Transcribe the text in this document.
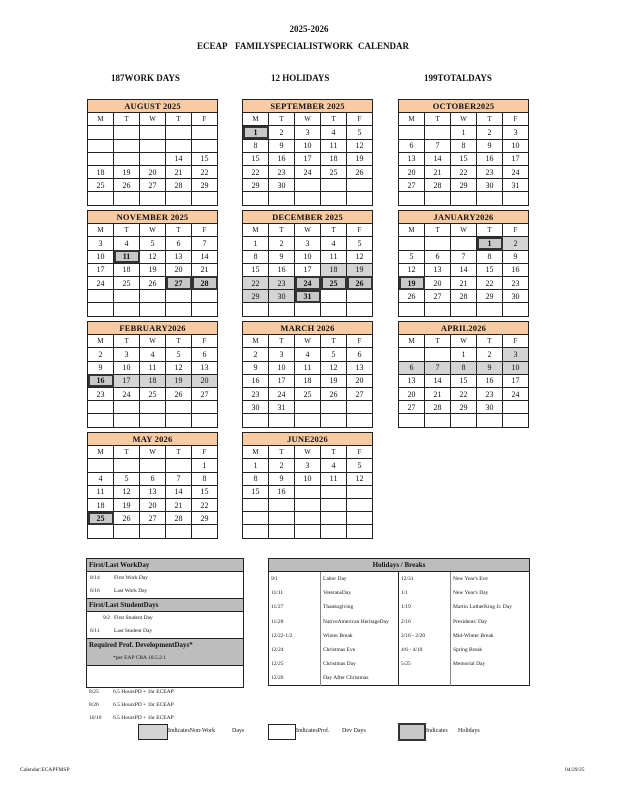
2025-2026
ECEAP FAMILYSPECIALISTWORK CALENDAR
187WORK DAYS	12 HOLIDAYS	199TOTALDAYS
AUGUST 2025				
M	T	W	T	F

			14	15
18	19	20	21	22
25	26	27	28	29

SEPTEMBER 2025				
M	T	W	T	F
1	2	3	4	5
8	9	10	11	12
15	16	17	18	19
22	23	24	25	26
29	30			

OCTOBER2025				
M	T	W	T	F
		1	2	3
6	7	8	9	10
13	14	15	16	17
20	21	22	23	24
27	28	29	30	31

NOVEMBER 2025				
M	T	W	T	F
3	4	5	6	7
10	11	12	13	14
17	18	19	20	21
24	25	26	27	28

DECEMBER 2025				
M	T	W	T	F
1	2	3	4	5
8	9	10	11	12
15	16	17	18	19
22	23	24	25	26
29	30	31		

JANUARY2026				
M	T	W	T	F
			1	2
5	6	7	8	9
12	13	14	15	16
19	20	21	22	23
26	27	28	29	30

FEBRUARY2026				
M	T	W	T	F
2	3	4	5	6
9	10	11	12	13
16	17	18	19	20
23	24	25	26	27

MARCH 2026				
M	T	W	T	F
2	3	4	5	6
9	10	11	12	13
16	17	18	19	20
23	24	25	26	27
30	31			

APRIL2026				
M	T	W	T	F
		1	2	3
6	7	8	9	10
13	14	15	16	17
20	21	22	23	24
27	28	29	30	

MAY 2026				
M	T	W	T	F
				1
4	5	6	7	8
11	12	13	14	15
18	19	20	21	22
25	26	27	28	29

JUNE2026				
M	T	W	T	F
1	2	3	4	5
8	9	10	11	12
15	16			

First/Last WorkDay
8/14	First Work Day
6/16	Last Work Day
First/Last StudentDays
9/2 First Student Day
6/11	Last Student Day
Required Prof. DevelopmentDays*
*per EAP CBA 18.5.2.1
8/25	6.5 HoursPD + 1hr ECEAP
8/26	6.5 HoursPD + 1hr ECEAP
10/10 6.5 HoursPD + 1hr ECEAP
Holidays / Breaks
9/1	Labor Day	12/31	New Year's Eve
11/11	VeteransDay	1/1	New Year's Day
11/27	Thanksgiving	1/19	Martin LutherKing Jr. Day
11/28	NativeAmerican HeritageDay	2/16	Presidents' Day
12/22-1/2	Winter Break	2/16 - 2/20	Mid-Winter Break
12/24	Christmas Eve	4/6 - 4/10	Spring Break
12/25	Christmas Day	5/25	Memorial Day
12/26	Day After Christmas
IndicatesNon-Work	Days	IndicatesProf. Dev Days	Indicates Holidays
Calendar:ECAPFMSP	04/29/25
